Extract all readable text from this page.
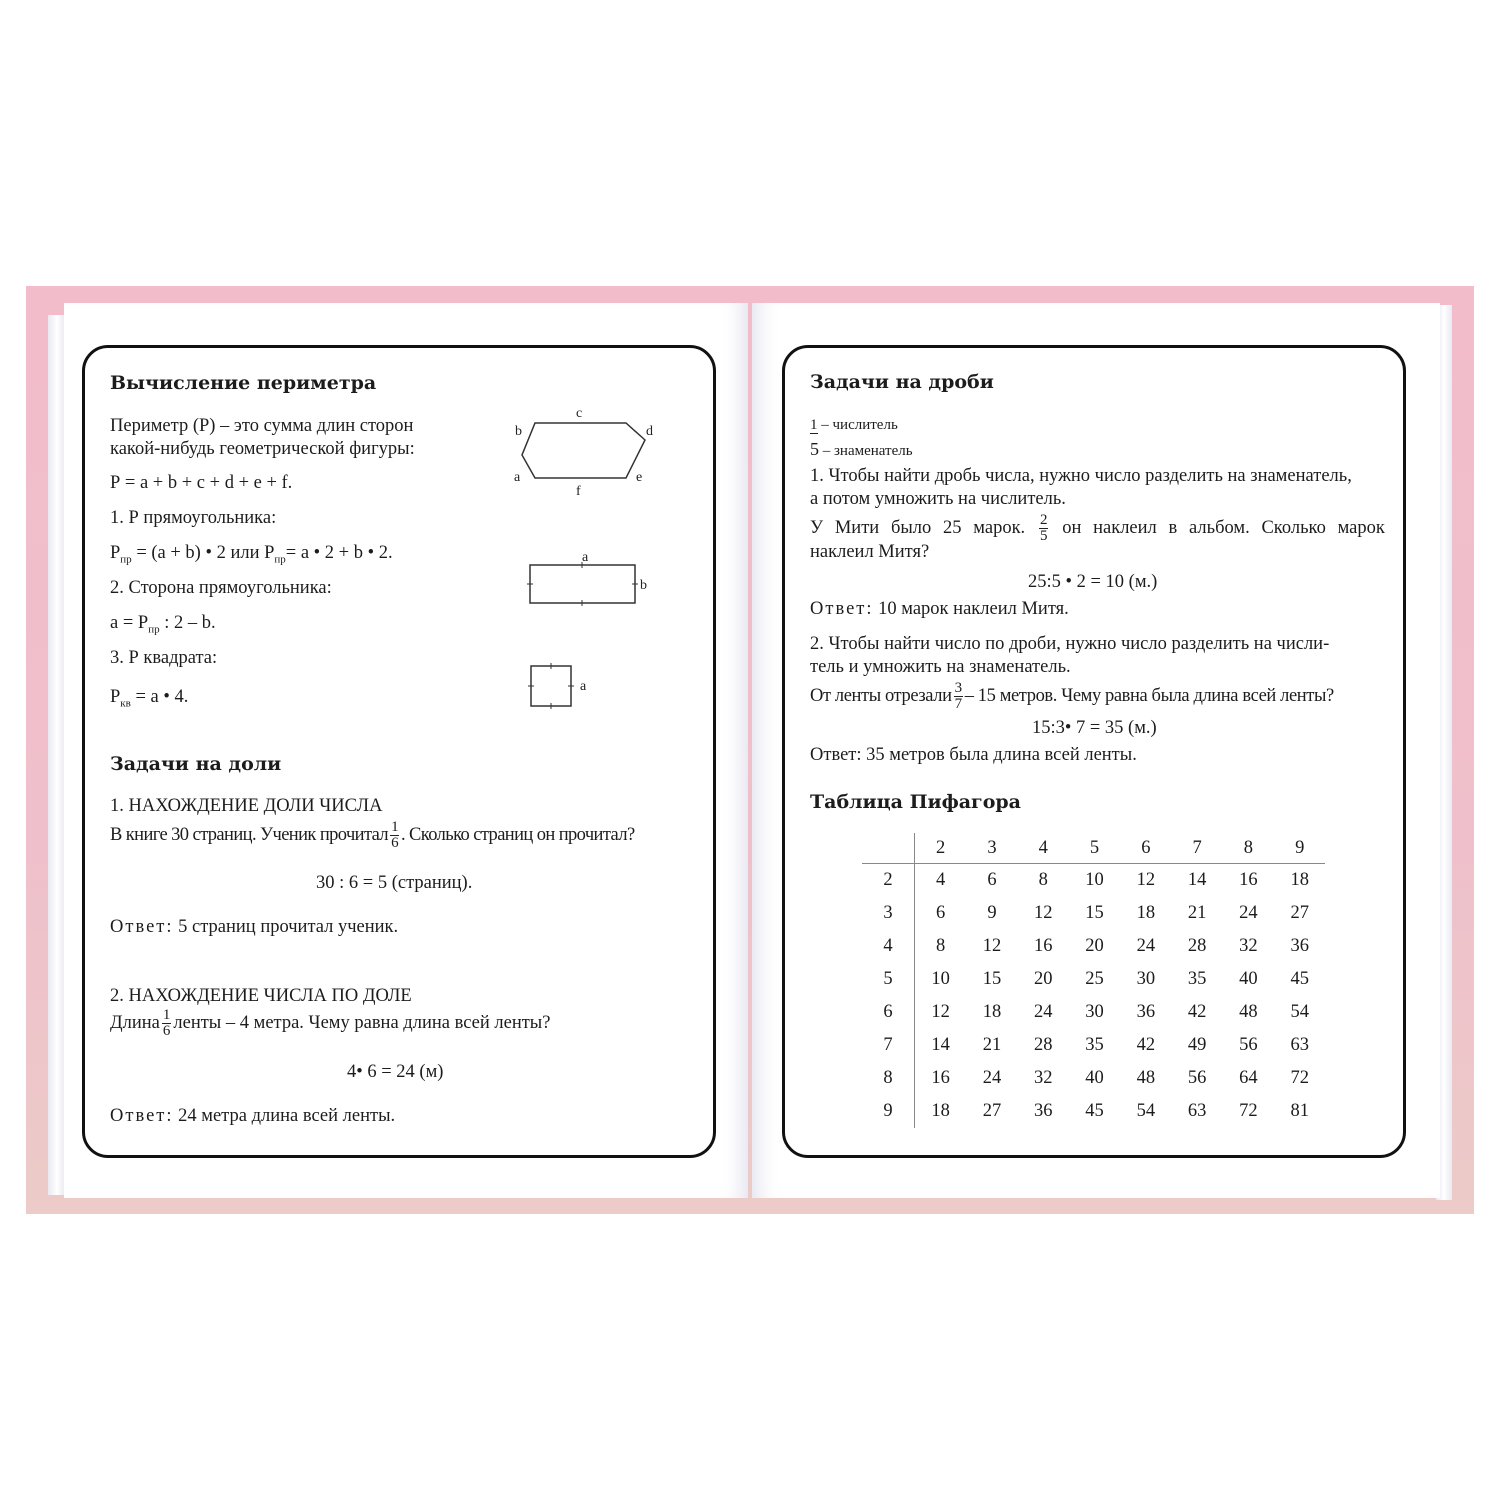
Вычисление периметра
Периметр (Р) – это сумма длин сторон
какой-нибудь геометрической фигуры:
Р = a + b + c + d + e + f.
1. Р прямоугольника:
$Р_{пр} = (a + b)$ • 2 или $Р_{пр}= a$ • 2 + b • 2.
2. Сторона прямоугольника:
$a = Р_{пр}$ : 2 – b.
3. Р квадрата:
$Р_{кв} = a$ • 4.
a
b
c
d
e
f
a
b
a
Задачи на доли
1. НАХОЖДЕНИЕ ДОЛИ ЧИСЛА
В книге 30 страниц. Ученик прочитал $\frac{1}{6}$ . Сколько страниц он прочитал?
30 : 6 = 5 (страниц).
Ответ: 5 страниц прочитал ученик.
2. НАХОЖДЕНИЕ ЧИСЛА ПО ДОЛЕ
Длина $\frac{1}{6}$ ленты – 4 метра. Чему равна длина всей ленты?
4• 6 = 24 (м)
Ответ: 24 метра длина всей ленты.
Задачи на дроби
1 – числитель
5 – знаменатель
1. Чтобы найти дробь числа, нужно число разделить на знаменатель,
а потом умножить на числитель.
У Мити было 25 марок. $\frac{2}{5}$ он наклеил в альбом. Сколько марок
наклеил Митя?
25:5 • 2 = 10 (м.)
Ответ: 10 марок наклеил Митя.
2. Чтобы найти число по дроби, нужно число разделить на числи-
тель и умножить на знаменатель.
От ленты отрезали $\frac{3}{7} - 15$ метров. Чему равна была длина всей ленты?
15:3• 7 = 35 (м.)
Ответ: 35 метров была длина всей ленты.
Таблица Пифагора
	2	3	4	5	6	7	8	9
2	4	6	8	10	12	14	16	18
3	6	9	12	15	18	21	24	27
4	8	12	16	20	24	28	32	36
5	10	15	20	25	30	35	40	45
6	12	18	24	30	36	42	48	54
7	14	21	28	35	42	49	56	63
8	16	24	32	40	48	56	64	72
9	18	27	36	45	54	63	72	81
